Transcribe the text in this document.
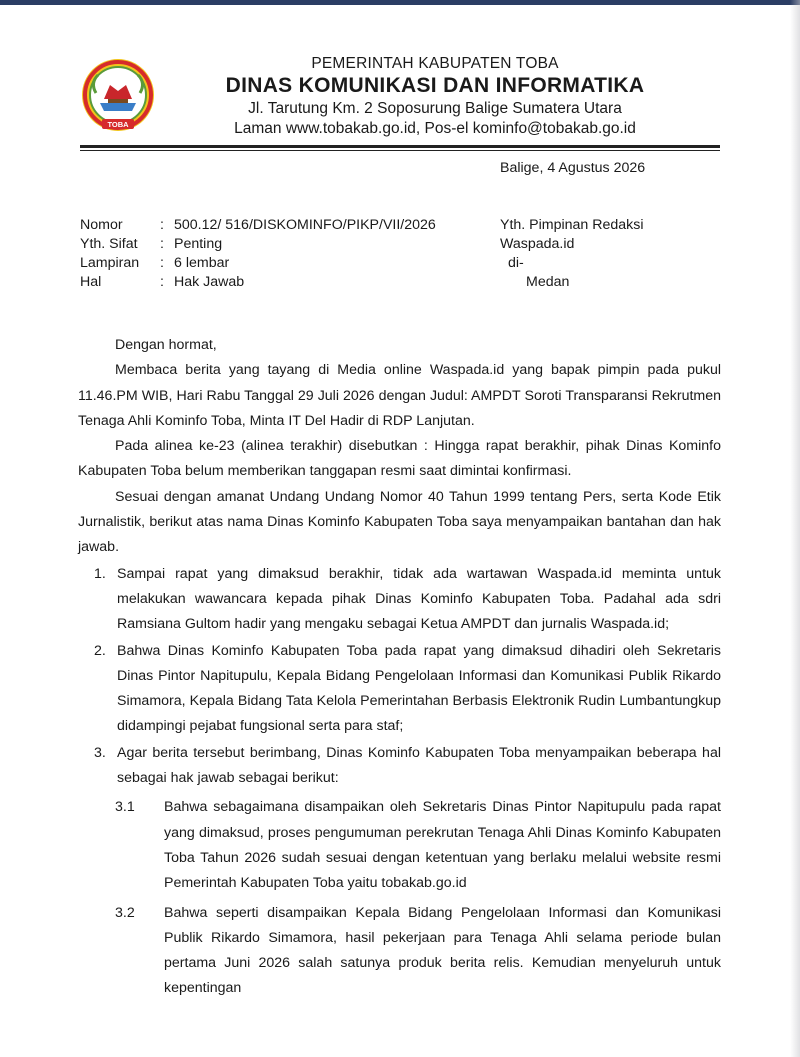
TOBA
PEMERINTAH KABUPATEN TOBA
DINAS KOMUNIKASI DAN INFORMATIKA
Jl. Tarutung Km. 2 Soposurung Balige Sumatera Utara
Laman www.tobakab.go.id, Pos-el kominfo@tobakab.go.id
Balige, 4 Agustus 2026
Nomor	: 500.12/ 516/DISKOMINFO/PIKP/VII/2026
Yth. Sifat	: Penting
Lampiran	: 6 lembar
Hal	: Hak Jawab
Yth. Pimpinan Redaksi
Waspada.id
di-
Medan
Dengan hormat,
Membaca berita yang tayang di Media online Waspada.id yang bapak pimpin pada pukul 11.46.PM WIB, Hari Rabu Tanggal 29 Juli 2026 dengan Judul: AMPDT Soroti Transparansi Rekrutmen Tenaga Ahli Kominfo Toba, Minta IT Del Hadir di RDP Lanjutan.
Pada alinea ke-23 (alinea terakhir) disebutkan : Hingga rapat berakhir, pihak Dinas Kominfo Kabupaten Toba belum memberikan tanggapan resmi saat dimintai konfirmasi.
Sesuai dengan amanat Undang Undang Nomor 40 Tahun 1999 tentang Pers, serta Kode Etik Jurnalistik, berikut atas nama Dinas Kominfo Kabupaten Toba saya menyampaikan bantahan dan hak jawab.
1. Sampai rapat yang dimaksud berakhir, tidak ada wartawan Waspada.id meminta untuk melakukan wawancara kepada pihak Dinas Kominfo Kabupaten Toba. Padahal ada sdri Ramsiana Gultom hadir yang mengaku sebagai Ketua AMPDT dan jurnalis Waspada.id;
2. Bahwa Dinas Kominfo Kabupaten Toba pada rapat yang dimaksud dihadiri oleh Sekretaris Dinas Pintor Napitupulu, Kepala Bidang Pengelolaan Informasi dan Komunikasi Publik Rikardo Simamora, Kepala Bidang Tata Kelola Pemerintahan Berbasis Elektronik Rudin Lumbantungkup didampingi pejabat fungsional serta para staf;
3. Agar berita tersebut berimbang, Dinas Kominfo Kabupaten Toba menyampaikan beberapa hal sebagai hak jawab sebagai berikut:
3.1	Bahwa sebagaimana disampaikan oleh Sekretaris Dinas Pintor Napitupulu pada rapat yang dimaksud, proses pengumuman perekrutan Tenaga Ahli Dinas Kominfo Kabupaten Toba Tahun 2026 sudah sesuai dengan ketentuan yang berlaku melalui website resmi Pemerintah Kabupaten Toba yaitu tobakab.go.id
3.2	Bahwa seperti disampaikan Kepala Bidang Pengelolaan Informasi dan Komunikasi Publik Rikardo Simamora, hasil pekerjaan para Tenaga Ahli selama periode bulan pertama Juni 2026 salah satunya produk berita relis. Kemudian menyeluruh untuk kepentingan
